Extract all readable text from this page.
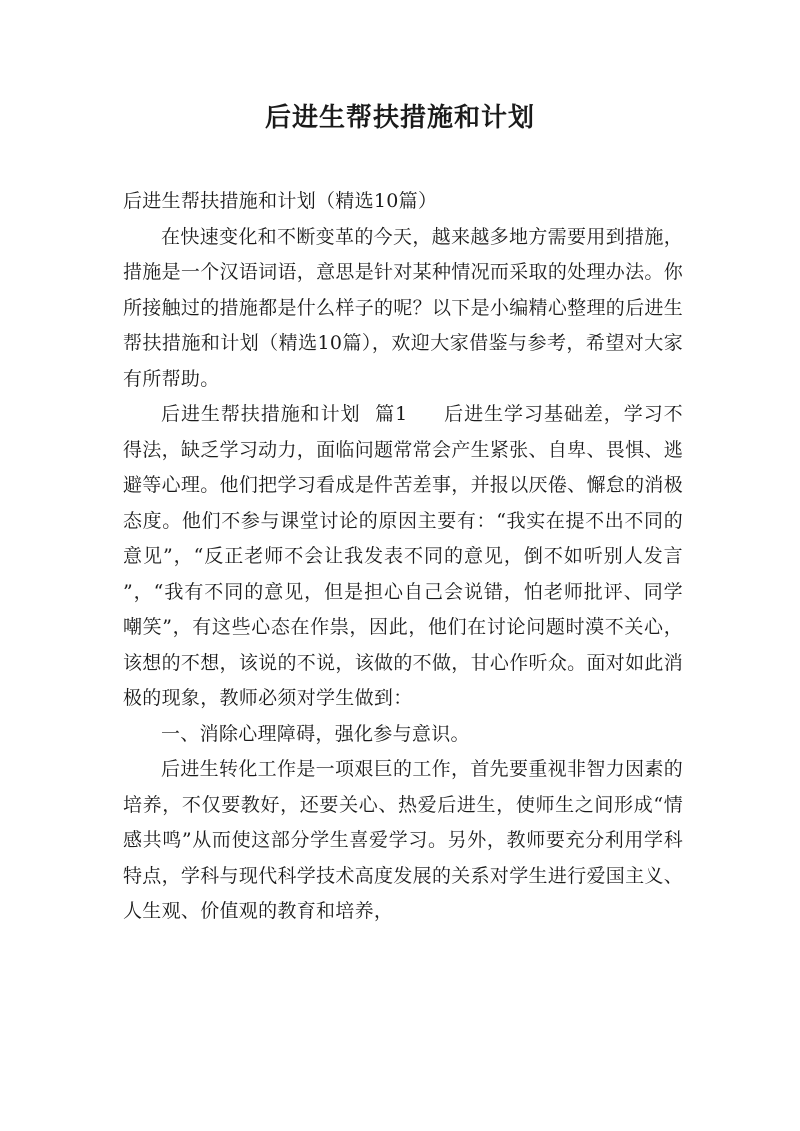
后进生帮扶措施和计划

后进生帮扶措施和计划（精选10篇）

在快速变化和不断变革的今天，越来越多地方需要用到措施，措施是一个汉语词语，意思是针对某种情况而采取的处理办法。你所接触过的措施都是什么样子的呢？以下是小编精心整理的后进生帮扶措施和计划（精选10篇），欢迎大家借鉴与参考，希望对大家有所帮助。

后进生帮扶措施和计划 篇1 后进生学习基础差，学习不得法，缺乏学习动力，面临问题常常会产生紧张、自卑、畏惧、逃避等心理。他们把学习看成是件苦差事，并报以厌倦、懈怠的消极态度。他们不参与课堂讨论的原因主要有：“我实在提不出不同的意见”，“反正老师不会让我发表不同的意见，倒不如听别人发言 ”，“我有不同的意见，但是担心自己会说错，怕老师批评、同学嘲笑”，有这些心态在作祟，因此，他们在讨论问题时漠不关心，该想的不想，该说的不说，该做的不做，甘心作听众。面对如此消极的现象，教师必须对学生做到：

一、消除心理障碍，强化参与意识。

后进生转化工作是一项艰巨的工作，首先要重视非智力因素的培养，不仅要教好，还要关心、热爱后进生，使师生之间形成“情感共鸣”从而使这部分学生喜爱学习。另外，教师要充分利用学科特点，学科与现代科学技术高度发展的关系对学生进行爱国主义、人生观、价值观的教育和培养，
